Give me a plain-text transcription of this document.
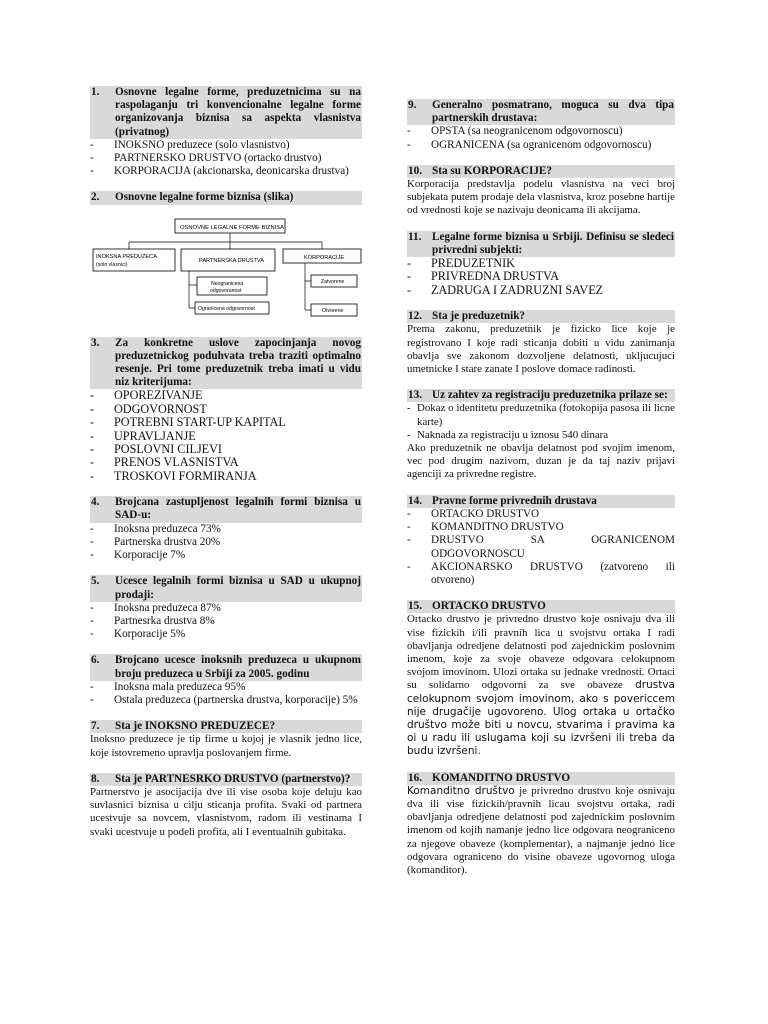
1.	Osnovne legalne forme, preduzetnicima su na raspolaganju tri konvencionalne legalne forme organizovanja biznisa sa aspekta vlasnistva (privatnog)
-	INOKSNO preduzece (solo vlasnistvo)
-	PARTNERSKO DRUSTVO (ortacko drustvo)
-	KORPORACIJA (akcionarska, deonicarska drustva)
2.	Osnovne legalne forme biznisa (slika)
OSNOVNE LEGALNE FORME BIZNISA
INOKSNA PREDUZECA
(solo vlasnici)
PARTNERSKA DRUSTVA	KORPORACIJE
Neogranicena
odgovoranost
Ogranicena odgovornost
Zatvorene
Otvorene
3.	Za konkretne uslove zapocinjanja novog preduzetnickog poduhvata treba traziti optimalno resenje. Pri tome preduzetnik treba imati u vidu niz kriterijuma:
-	OPOREZIVANJE
-	ODGOVORNOST
-	POTREBNI START-UP KAPITAL
-	UPRAVLJANJE
-	POSLOVNI CILJEVI
-	PRENOS VLASNISTVA
-	TROSKOVI FORMIRANJA
4.	Brojcana zastupljenost legalnih formi biznisa u SAD-u:
-	Inoksna preduzeca 73%
-	Partnerska drustva 20%
-	Korporacije 7%
5.	Ucesce legalnih formi biznisa u SAD u ukupnoj prodaji:
-	Inoksna preduzeca 87%
-	Partnesrka drustva 8%
-	Korporacije 5%
6.	Brojcano ucesce inoksnih preduzeca u ukupnom broju preduzeca u Srbiji za 2005. godinu
-	Inoksna mala preduzeca 95%
-	Ostala preduzeca (partnerska drustva, korporacije) 5%
7.	Sta je INOKSNO PREDUZECE?

Inoksno preduzece je tip firme u kojoj je vlasnik jedno lice, koje istovremeno upravlja poslovanjem firme.

8.	Sta je PARTNESRKO DRUSTVO (partnerstvo)?

Partnerstvo je asocijacija dve ili vise osoba koje deluju kao suvlasnici biznisa u cilju sticanja profita. Svaki od partnera ucestvuje sa novcem, vlasnistvom, radom ili vestinama I svaki ucestvuje u podeli profita, ali I eventualnih gubitaka.

9.	Generalno posmatrano, moguca su dva tipa partnerskih drustava:
-	OPSTA (sa neogranicenom odgovornoscu)
-	OGRANICENA (sa ogranicenom odgovornoscu)
10. Sta su KORPORACIJE?

Korporacija predstavlja podelu vlasnistva na veci broj subjekata putem prodaje dela vlasnistva, kroz posebne hartije od vrednosti koje se nazivaju deonicama ili akcijama.

11. Legalne forme biznisa u Srbiji. Definisu se sledeci privredni subjekti:
-	PREDUZETNIK
-	PRIVREDNA DRUSTVA
-	ZADRUGA I ZADRUZNI SAVEZ
12. Sta je preduzetnik?

Prema zakonu, preduzetnik je fizicko lice koje je registrovano I koje radi sticanja dobiti u vidu zanimanja obavlja sve zakonom dozvoljene delatnosti, ukljucujuci umetnicke I stare zanate I poslove domace radinosti.

13. Uz zahtev za registraciju preduzetnika prilaze se:
- Dokaz o identitetu preduzetnika (fotokopija pasosa ili licne karte)
- Naknada za registraciju u iznosu 540 dinara

Ako preduzetnik ne obavlja delatnost pod svojim imenom, vec pod drugim nazivom, duzan je da taj naziv prijavi agenciji za privredne registre.

14. Pravne forme privrednih drustava
-	ORTACKO DRUSTVO
-	KOMANDITNO DRUSTVO
-	DRUSTVO SA OGRANICENOM ODGOVORNOSCU
-	AKCIONARSKO DRUSTVO (zatvoreno ili otvoreno)
15. ORTACKO DRUSTVO

Ortacko drustvo je privredno drustvo koje osnivaju dva ili vise fizickih i/ili pravnih lica u svojstvu ortaka I radi obavljanja odredjene delatnosti pod zajednickim poslovnim imenom, koje za svoje obaveze odgovara celokupnom svojom imovinom. Ulozi ortaka su jednake vrednosti. Ortaci su solidarno odgovorni za sve obaveze drustva celokupnom svojom imovinom, ako s povericcem nije drugačije ugovoreno. Ulog ortaka u ortačko društvo može biti u novcu, stvarima i pravima ka oi u radu ili uslugama koji su izvršeni ili treba da budu izvršeni.

16. KOMANDITNO DRUSTVO

Komanditno društvo je privredno drustvo koje osnivaju dva ili vise fizickih/pravnih licau svojstvu ortaka, radi obavljanja odredjene delatnosti pod zajednickim poslovnim imenom od kojih namanje jedno lice odgovara neograniceno za njegove obaveze (komplementar), a najmanje jedno lice odgovara ograniceno do visine obaveze ugovornog uloga (komanditor).
